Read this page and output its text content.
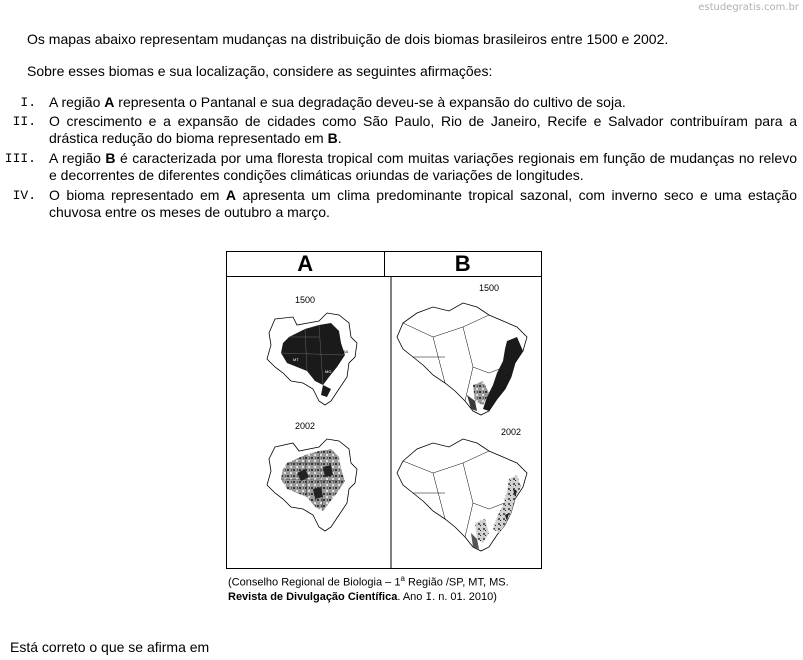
estudegratis.com.br
Os mapas abaixo representam mudanças na distribuição de dois biomas brasileiros entre 1500 e 2002.
Sobre esses biomas e sua localização, considere as seguintes afirmações:
I. A região A representa o Pantanal e sua degradação deveu-se à expansão do cultivo de soja.
II. O crescimento e a expansão de cidades como São Paulo, Rio de Janeiro, Recife e Salvador contribuíram para a drástica redução do bioma representado em B.
III. A região B é caracterizada por uma floresta tropical com muitas variações regionais em função de mudanças no relevo e decorrentes de diferentes condições climáticas oriundas de variações de longitudes.
IV. O bioma representado em A apresenta um clima predominante tropical sazonal, com inverno seco e uma estação chuvosa entre os meses de outubro a março.
A	B
1500
2002
1500
2002
BA
MT
MG
(Conselho Regional de Biologia – 1$^a$ Região /SP, MT, MS.
Revista de Divulgação Científica. Ano I. n. 01. 2010)
Está correto o que se afirma em
